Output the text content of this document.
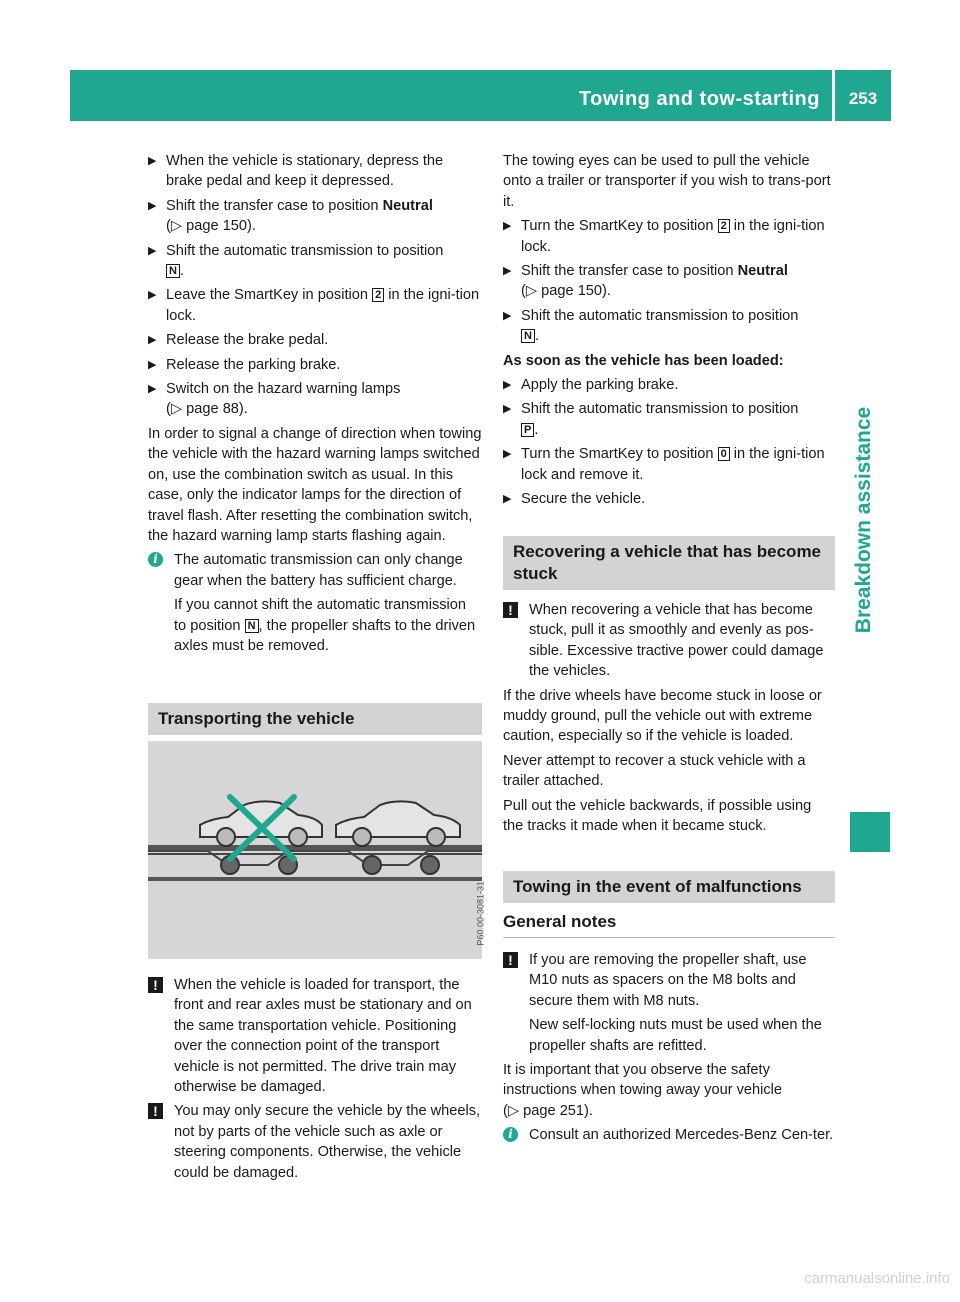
Towing and tow-starting	253
Breakdown assistance
▶ When the vehicle is stationary, depress the brake pedal and keep it depressed.
▶ Shift the transfer case to position Neutral
(▷ page 150).
▶ Shift the automatic transmission to position
N .
▶ Leave the SmartKey in position 2 in the igni-tion lock.
▶ Release the brake pedal.
▶ Release the parking brake.
▶ Switch on the hazard warning lamps
(▷ page 88).

In order to signal a change of direction when towing the vehicle with the hazard warning lamps switched on, use the combination switch as usual. In this case, only the indicator lamps for the direction of travel flash. After resetting the combination switch, the hazard warning lamp starts flashing again.

i	The automatic transmission can only change gear when the battery has sufficient charge.
If you cannot shift the automatic transmission to position N , the propeller shafts to the driven axles must be removed.
Transporting the vehicle
P60.00-3081-31
!	When the vehicle is loaded for transport, the front and rear axles must be stationary and on the same transportation vehicle. Positioning over the connection point of the transport vehicle is not permitted. The drive train may otherwise be damaged.
!	You may only secure the vehicle by the wheels, not by parts of the vehicle such as axle or steering components. Otherwise, the vehicle could be damaged.

The towing eyes can be used to pull the vehicle onto a trailer or transporter if you wish to trans-port it.

▶ Turn the SmartKey to position 2 in the igni-tion lock.
▶ Shift the transfer case to position Neutral
(▷ page 150).
▶ Shift the automatic transmission to position
N .

As soon as the vehicle has been loaded:

▶ Apply the parking brake.
▶ Shift the automatic transmission to position
P .
▶ Turn the SmartKey to position 0 in the igni-tion lock and remove it.
▶ Secure the vehicle.
Recovering a vehicle that has become stuck
!	When recovering a vehicle that has become stuck, pull it as smoothly and evenly as pos-sible. Excessive tractive power could damage the vehicles.

If the drive wheels have become stuck in loose or muddy ground, pull the vehicle out with extreme caution, especially so if the vehicle is loaded.

Never attempt to recover a stuck vehicle with a trailer attached.

Pull out the vehicle backwards, if possible using the tracks it made when it became stuck.

Towing in the event of malfunctions
General notes
!	If you are removing the propeller shaft, use M10 nuts as spacers on the M8 bolts and secure them with M8 nuts.
New self-locking nuts must be used when the propeller shafts are refitted.

It is important that you observe the safety instructions when towing away your vehicle
(▷ page 251).

i	Consult an authorized Mercedes-Benz Cen-ter.
carmanualsonline.info
